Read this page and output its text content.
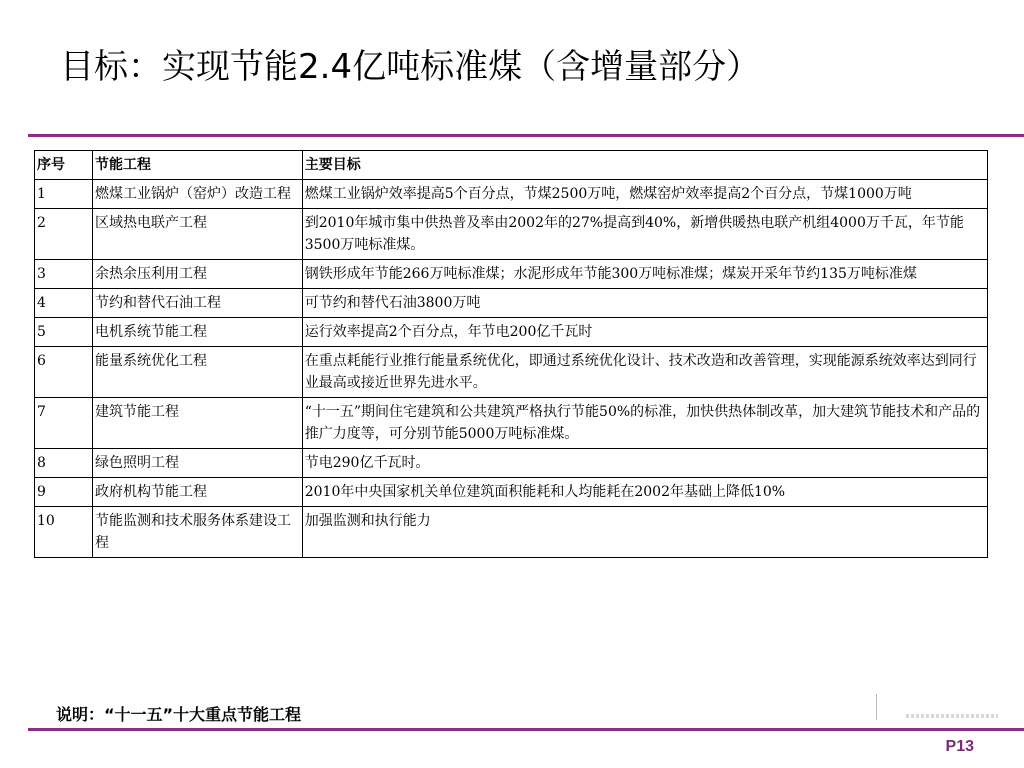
目标：实现节能2.4亿吨标准煤（含增量部分）
序号	节能工程	主要目标
1	燃煤工业锅炉（窑炉）改造工程	燃煤工业锅炉效率提高5个百分点，节煤2500万吨，燃煤窑炉效率提高2个百分点，节煤1000万吨
2	区域热电联产工程	到2010年城市集中供热普及率由2002年的27%提高到40%，新增供暖热电联产机组4000万千瓦，年节能3500万吨标准煤。
3	余热余压利用工程	钢铁形成年节能266万吨标准煤；水泥形成年节能300万吨标准煤；煤炭开采年节约135万吨标准煤
4	节约和替代石油工程	可节约和替代石油3800万吨
5	电机系统节能工程	运行效率提高2个百分点，年节电200亿千瓦时
6	能量系统优化工程	在重点耗能行业推行能量系统优化，即通过系统优化设计、技术改造和改善管理，实现能源系统效率达到同行业最高或接近世界先进水平。
7	建筑节能工程	“十一五”期间住宅建筑和公共建筑严格执行节能50%的标准，加快供热体制改革，加大建筑节能技术和产品的推广力度等，可分别节能5000万吨标准煤。
8	绿色照明工程	节电290亿千瓦时。
9	政府机构节能工程	2010年中央国家机关单位建筑面积能耗和人均能耗在2002年基础上降低10%
10	节能监测和技术服务体系建设工程	加强监测和执行能力
说明：“十一五”十大重点节能工程
P13
